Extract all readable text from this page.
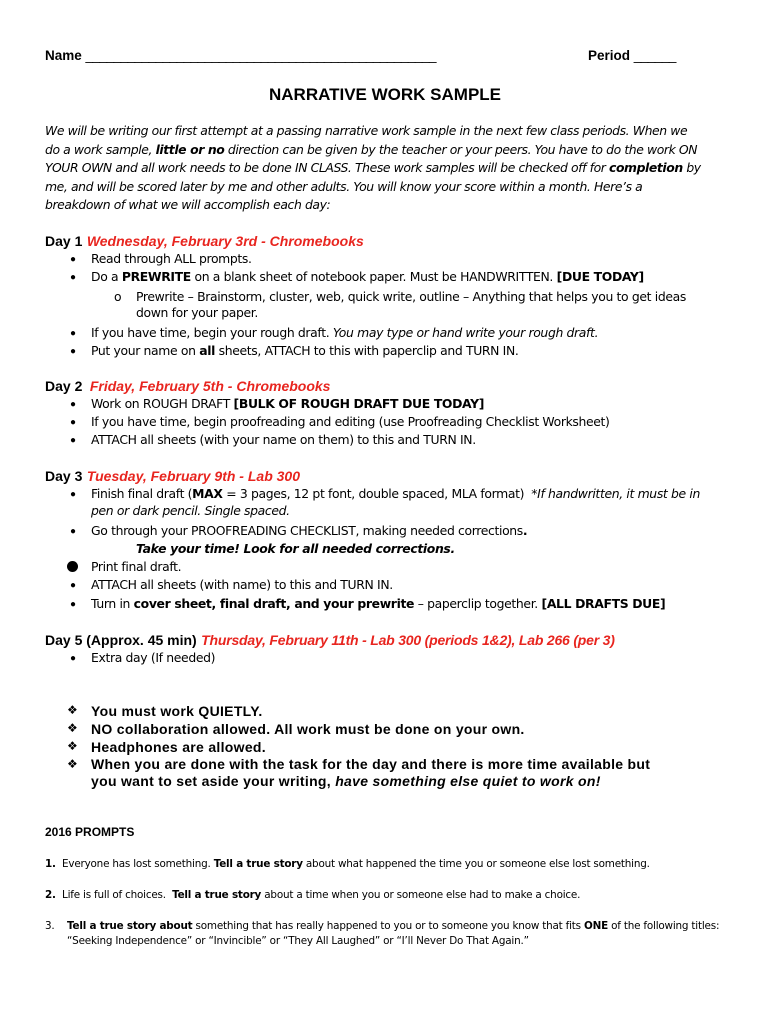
Name __________________________________________________	Period ______
NARRATIVE WORK SAMPLE
We will be writing our first attempt at a passing narrative work sample in the next few class periods. When we
do a work sample, little or no direction can be given by the teacher or your peers. You have to do the work ON
YOUR OWN and all work needs to be done IN CLASS. These work samples will be checked off for completion by
me, and will be scored later by me and other adults. You will know your score within a month. Here’s a
breakdown of what we will accomplish each day:
Day 1 Wednesday, February 3rd - Chromebooks
● Read through ALL prompts.
● Do a PREWRITE on a blank sheet of notebook paper. Must be HANDWRITTEN. [DUE TODAY]
o Prewrite – Brainstorm, cluster, web, quick write, outline – Anything that helps you to get ideas
down for your paper.
● If you have time, begin your rough draft. You may type or hand write your rough draft.
● Put your name on all sheets, ATTACH to this with paperclip and TURN IN.
Day 2 Friday, February 5th - Chromebooks
● Work on ROUGH DRAFT [BULK OF ROUGH DRAFT DUE TODAY]
● If you have time, begin proofreading and editing (use Proofreading Checklist Worksheet)
● ATTACH all sheets (with your name on them) to this and TURN IN.
Day 3 Tuesday, February 9th - Lab 300
● Finish final draft (MAX = 3 pages, 12 pt font, double spaced, MLA format) *If handwritten, it must be in
pen or dark pencil. Single spaced.
● Go through your PROOFREADING CHECKLIST, making needed corrections.
Take your time! Look for all needed corrections.
Print final draft.
● ATTACH all sheets (with name) to this and TURN IN.
● Turn in cover sheet, final draft, and your prewrite – paperclip together. [ALL DRAFTS DUE]
Day 5 (Approx. 45 min) Thursday, February 11th - Lab 300 (periods 1&2), Lab 266 (per 3)
● Extra day (If needed)
❖ You must work QUIETLY.
❖ NO collaboration allowed. All work must be done on your own.
❖ Headphones are allowed.
❖ When you are done with the task for the day and there is more time available but
you want to set aside your writing, have something else quiet to work on!
2016 PROMPTS
1. Everyone has lost something. Tell a true story about what happened the time you or someone else lost something.
2. Life is full of choices. Tell a true story about a time when you or someone else had to make a choice.
3. Tell a true story about something that has really happened to you or to someone you know that fits ONE of the following titles:
“Seeking Independence” or “Invincible” or “They All Laughed” or “I’ll Never Do That Again.”
